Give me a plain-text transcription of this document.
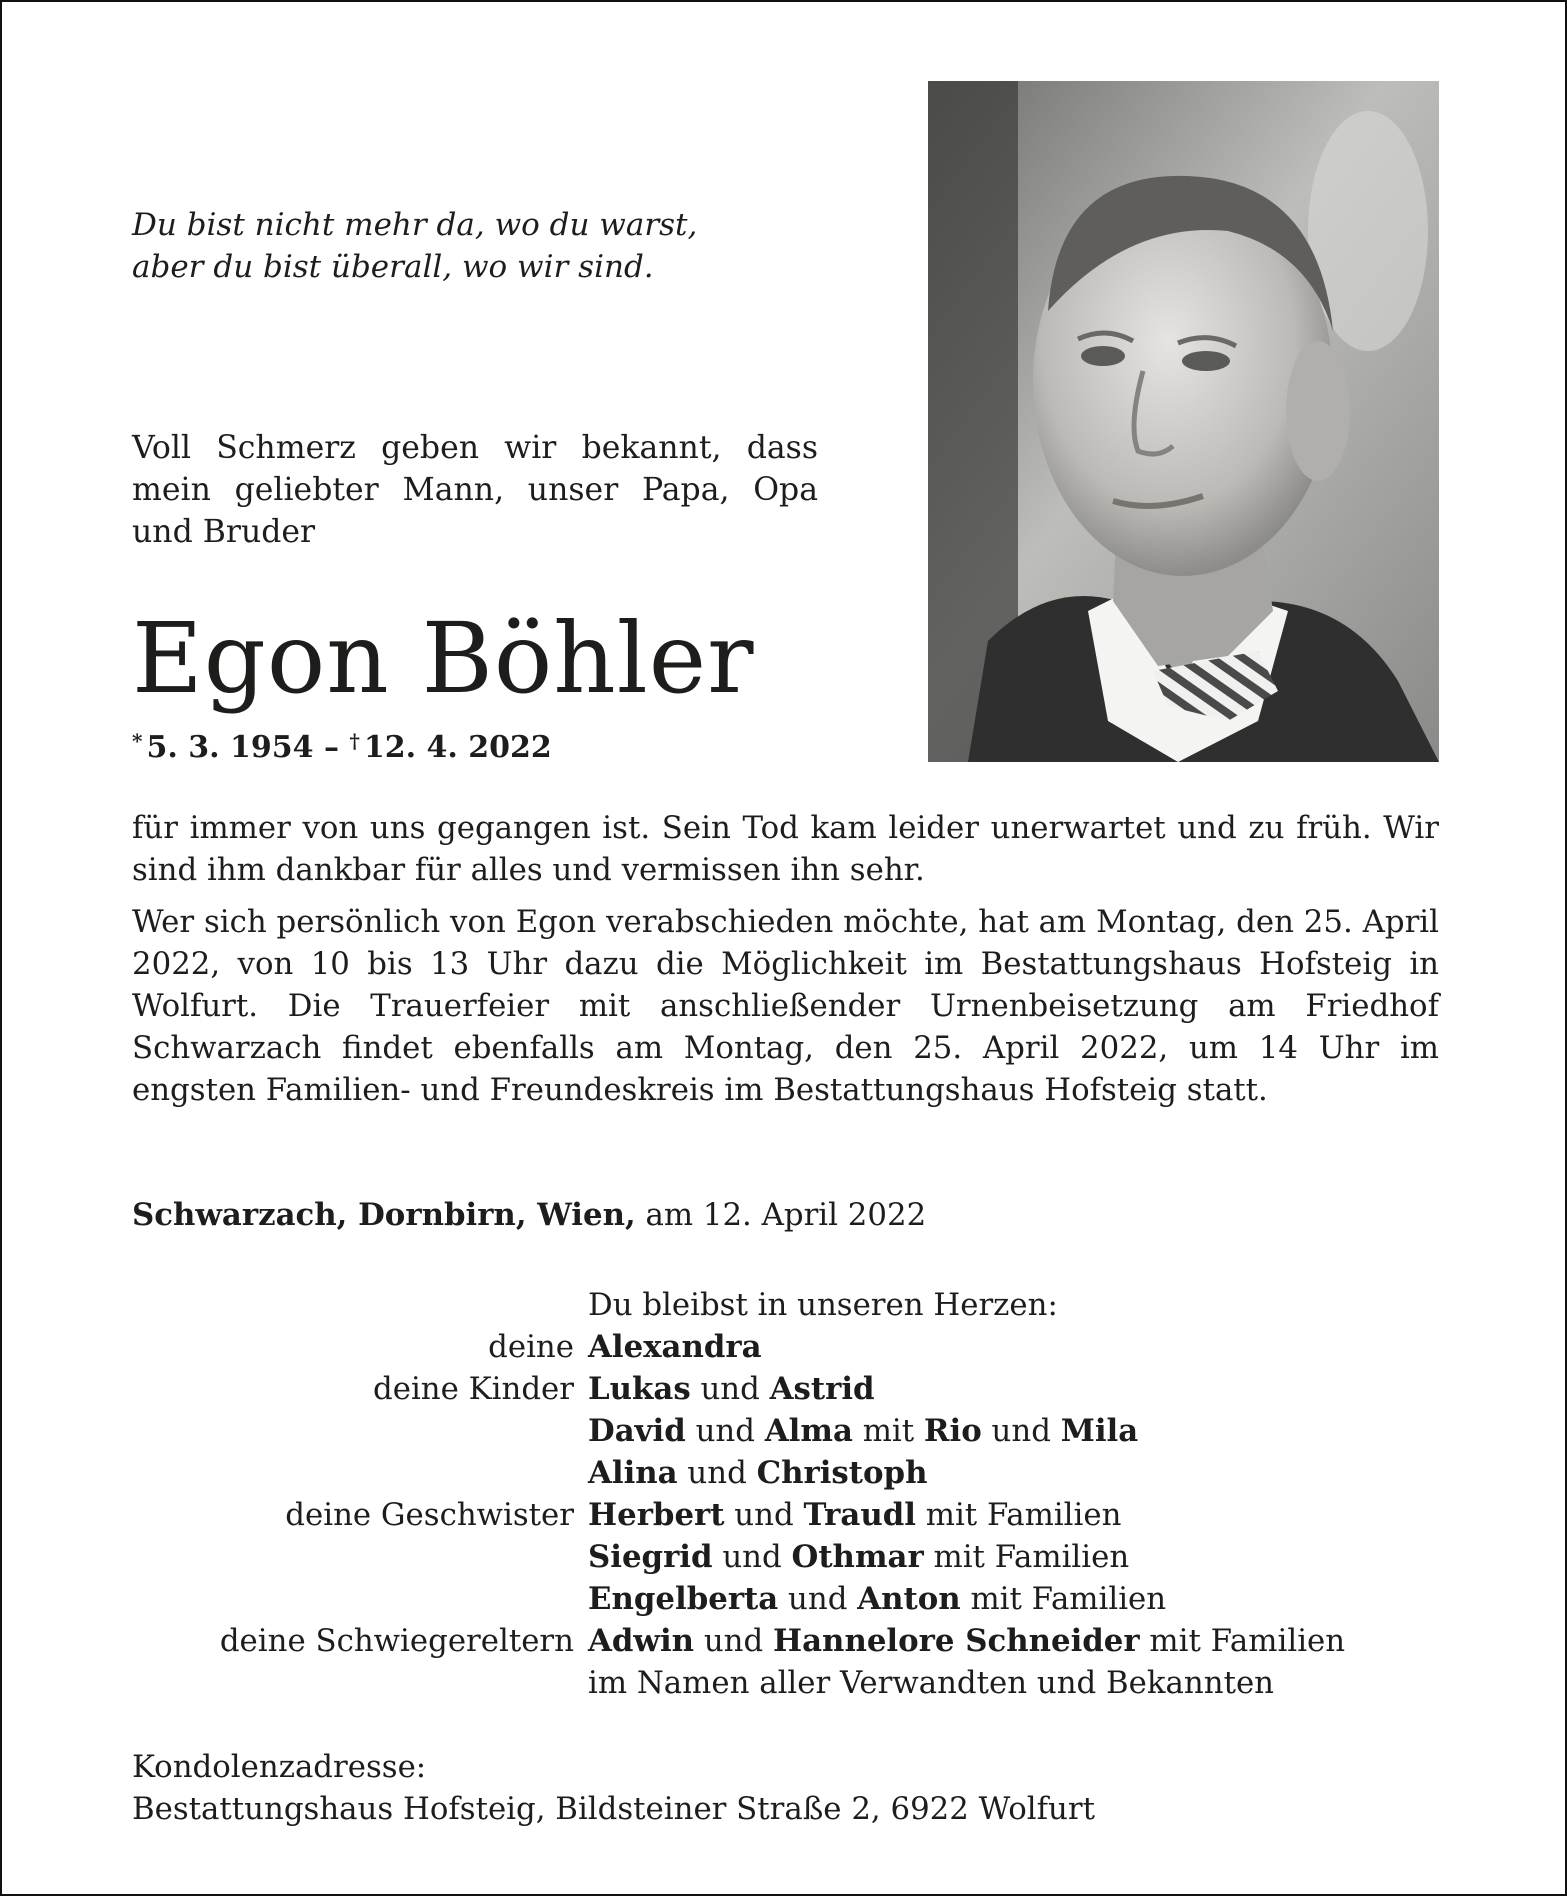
Du bist nicht mehr da, wo du warst,
aber du bist überall, wo wir sind.
Voll Schmerz geben wir bekannt, dass mein geliebter Mann, unser Papa, Opa und Bruder
Egon Böhler
* 5. 3. 1954 – † 12. 4. 2022

für immer von uns gegangen ist. Sein Tod kam leider unerwartet und zu früh. Wir sind ihm dankbar für alles und vermissen ihn sehr.

Wer sich persönlich von Egon verabschieden möchte, hat am Montag, den 25. April 2022, von 10 bis 13 Uhr dazu die Möglichkeit im Bestattungshaus Hofsteig in Wolfurt. Die Trauerfeier mit anschließender Urnenbeisetzung am Friedhof Schwarzach findet ebenfalls am Montag, den 25. April 2022, um 14 Uhr im engsten Familien- und Freundeskreis im Bestattungshaus Hofsteig statt.

Schwarzach, Dornbirn, Wien, am 12. April 2022
Du bleibst in unseren Herzen:
deine Alexandra
deine Kinder Lukas und Astrid
David und Alma mit Rio und Mila
Alina und Christoph
deine Geschwister Herbert und Traudl mit Familien
Siegrid und Othmar mit Familien
Engelberta und Anton mit Familien
deine Schwiegereltern Adwin und Hannelore Schneider mit Familien
im Namen aller Verwandten und Bekannten
Kondolenzadresse:
Bestattungshaus Hofsteig, Bildsteiner Straße 2, 6922 Wolfurt
